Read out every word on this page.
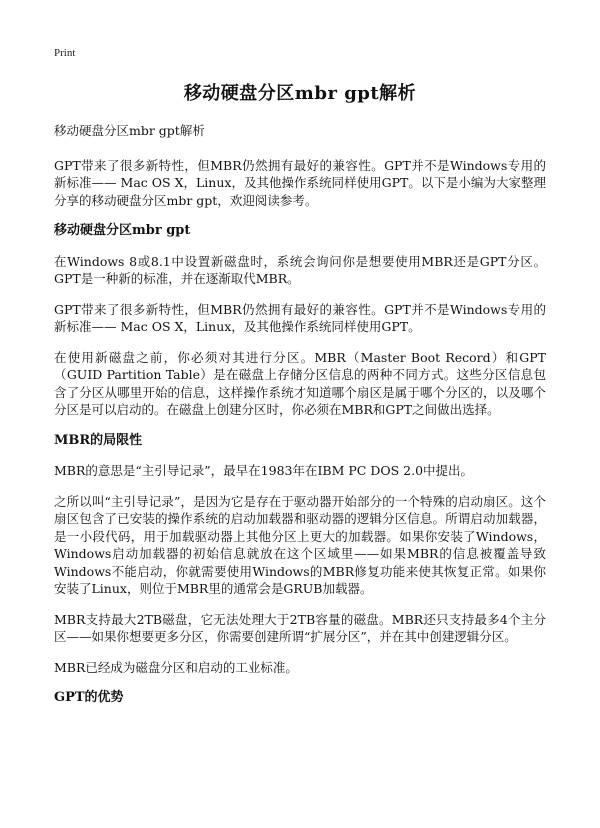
Print
移动硬盘分区mbr gpt解析

移动硬盘分区mbr gpt解析

GPT带来了很多新特性，但MBR仍然拥有最好的兼容性。GPT并不是Windows专用的新标准—— Mac OS X，Linux，及其他操作系统同样使用GPT。以下是小编为大家整理分享的移动硬盘分区mbr gpt，欢迎阅读参考。

移动硬盘分区mbr gpt

在Windows 8或8.1中设置新磁盘时，系统会询问你是想要使用MBR还是GPT分区。GPT是一种新的标准，并在逐渐取代MBR。

GPT带来了很多新特性，但MBR仍然拥有最好的兼容性。GPT并不是Windows专用的新标准—— Mac OS X，Linux，及其他操作系统同样使用GPT。

在使用新磁盘之前，你必须对其进行分区。MBR（Master Boot Record）和GPT（GUID Partition Table）是在磁盘上存储分区信息的两种不同方式。这些分区信息包含了分区从哪里开始的信息，这样操作系统才知道哪个扇区是属于哪个分区的，以及哪个分区是可以启动的。在磁盘上创建分区时，你必须在MBR和GPT之间做出选择。

MBR的局限性

MBR的意思是“主引导记录”，最早在1983年在IBM PC DOS 2.0中提出。

之所以叫“主引导记录”，是因为它是存在于驱动器开始部分的一个特殊的启动扇区。这个扇区包含了已安装的操作系统的启动加载器和驱动器的逻辑分区信息。所谓启动加载器，是一小段代码，用于加载驱动器上其他分区上更大的加载器。如果你安装了Windows，Windows启动加载器的初始信息就放在这个区域里——如果MBR的信息被覆盖导致Windows不能启动，你就需要使用Windows的MBR修复功能来使其恢复正常。如果你安装了Linux，则位于MBR里的通常会是GRUB加载器。

MBR支持最大2TB磁盘，它无法处理大于2TB容量的磁盘。MBR还只支持最多4个主分区——如果你想要更多分区，你需要创建所谓“扩展分区”，并在其中创建逻辑分区。

MBR已经成为磁盘分区和启动的工业标准。

GPT的优势
